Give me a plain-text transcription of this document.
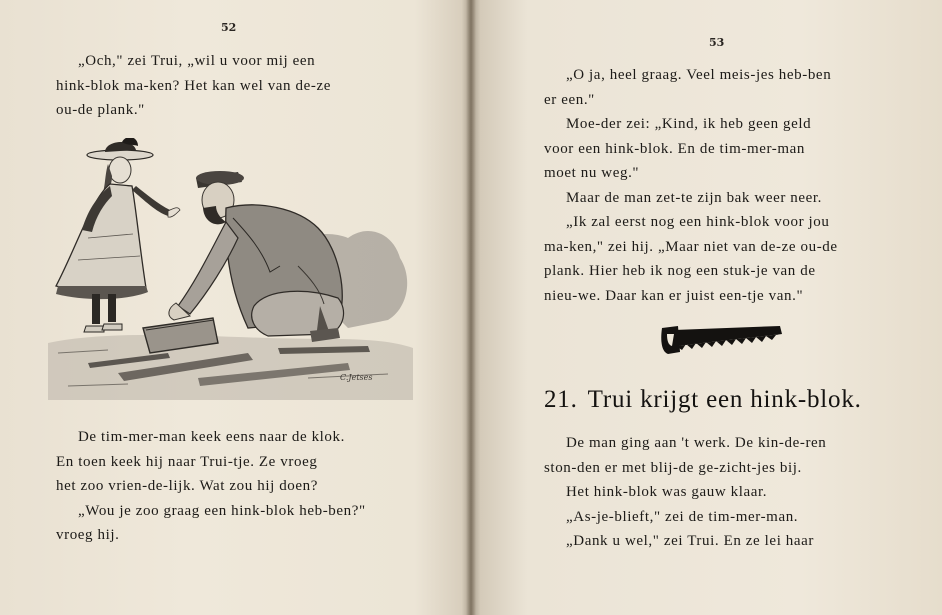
52

„Och," zei Trui, „wil u voor mij een

hink-blok ma-ken? Het kan wel van de-ze

ou-de plank."

C.Jetses

De tim-mer-man keek eens naar de klok.

En toen keek hij naar Trui-tje. Ze vroeg

het zoo vrien-de-lijk. Wat zou hij doen?

„Wou je zoo graag een hink-blok heb-ben?"

vroeg hij.

53

„O ja, heel graag. Veel meis-jes heb-ben

er een."

Moe-der zei: „Kind, ik heb geen geld

voor een hink-blok. En de tim-mer-man

moet nu weg."

Maar de man zet-te zijn bak weer neer.

„Ik zal eerst nog een hink-blok voor jou

ma-ken," zei hij. „Maar niet van de-ze ou-de

plank. Hier heb ik nog een stuk-je van de

nieu-we. Daar kan er juist een-tje van."

21. Trui krijgt een hink-blok.

De man ging aan 't werk. De kin-de-ren

ston-den er met blij-de ge-zicht-jes bij.

Het hink-blok was gauw klaar.

„As-je-blieft," zei de tim-mer-man.

„Dank u wel," zei Trui. En ze lei haar
